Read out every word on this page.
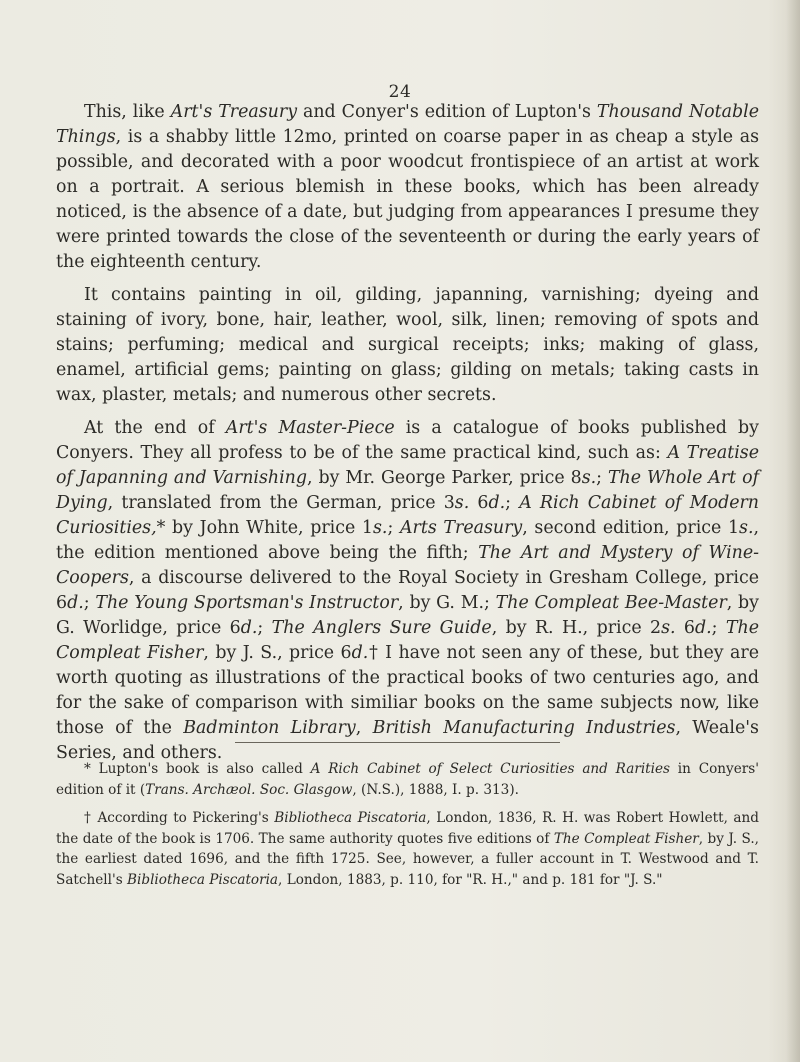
24

This, like Art's Treasury and Conyer's edition of Lupton's Thousand Notable Things, is a shabby little 12mo, printed on coarse paper in as cheap a style as possible, and decorated with a poor woodcut frontispiece of an artist at work on a portrait. A serious blemish in these books, which has been already noticed, is the absence of a date, but judging from appearances I presume they were printed towards the close of the seventeenth or during the early years of the eighteenth century.

It contains painting in oil, gilding, japanning, varnishing; dyeing and staining of ivory, bone, hair, leather, wool, silk, linen; removing of spots and stains; perfuming; medical and surgical receipts; inks; making of glass, enamel, artificial gems; painting on glass; gilding on metals; taking casts in wax, plaster, metals; and numerous other secrets.

At the end of Art's Master-Piece is a catalogue of books published by Conyers. They all profess to be of the same practical kind, such as: A Treatise of Japanning and Varnishing, by Mr. George Parker, price 8s.; The Whole Art of Dying, translated from the German, price 3s. 6d.; A Rich Cabinet of Modern Curiosities,* by John White, price 1s.; Arts Treasury, second edition, price 1s., the edition mentioned above being the fifth; The Art and Mystery of Wine-Coopers, a discourse delivered to the Royal Society in Gresham College, price 6d.; The Young Sportsman's Instructor, by G. M.; The Compleat Bee-Master, by G. Worlidge, price 6d.; The Anglers Sure Guide, by R. H., price 2s. 6d.; The Compleat Fisher, by J. S., price 6d.† I have not seen any of these, but they are worth quoting as illustrations of the practical books of two centuries ago, and for the sake of comparison with similiar books on the same subjects now, like those of the Badminton Library, British Manufacturing Industries, Weale's Series, and others.

* Lupton's book is also called A Rich Cabinet of Select Curiosities and Rarities in Conyers' edition of it (Trans. Archæol. Soc. Glasgow, (N.S.), 1888, I. p. 313).

† According to Pickering's Bibliotheca Piscatoria, London, 1836, R. H. was Robert Howlett, and the date of the book is 1706. The same authority quotes five editions of The Compleat Fisher, by J. S., the earliest dated 1696, and the fifth 1725. See, however, a fuller account in T. Westwood and T. Satchell's Bibliotheca Piscatoria, London, 1883, p. 110, for "R. H.," and p. 181 for "J. S."
